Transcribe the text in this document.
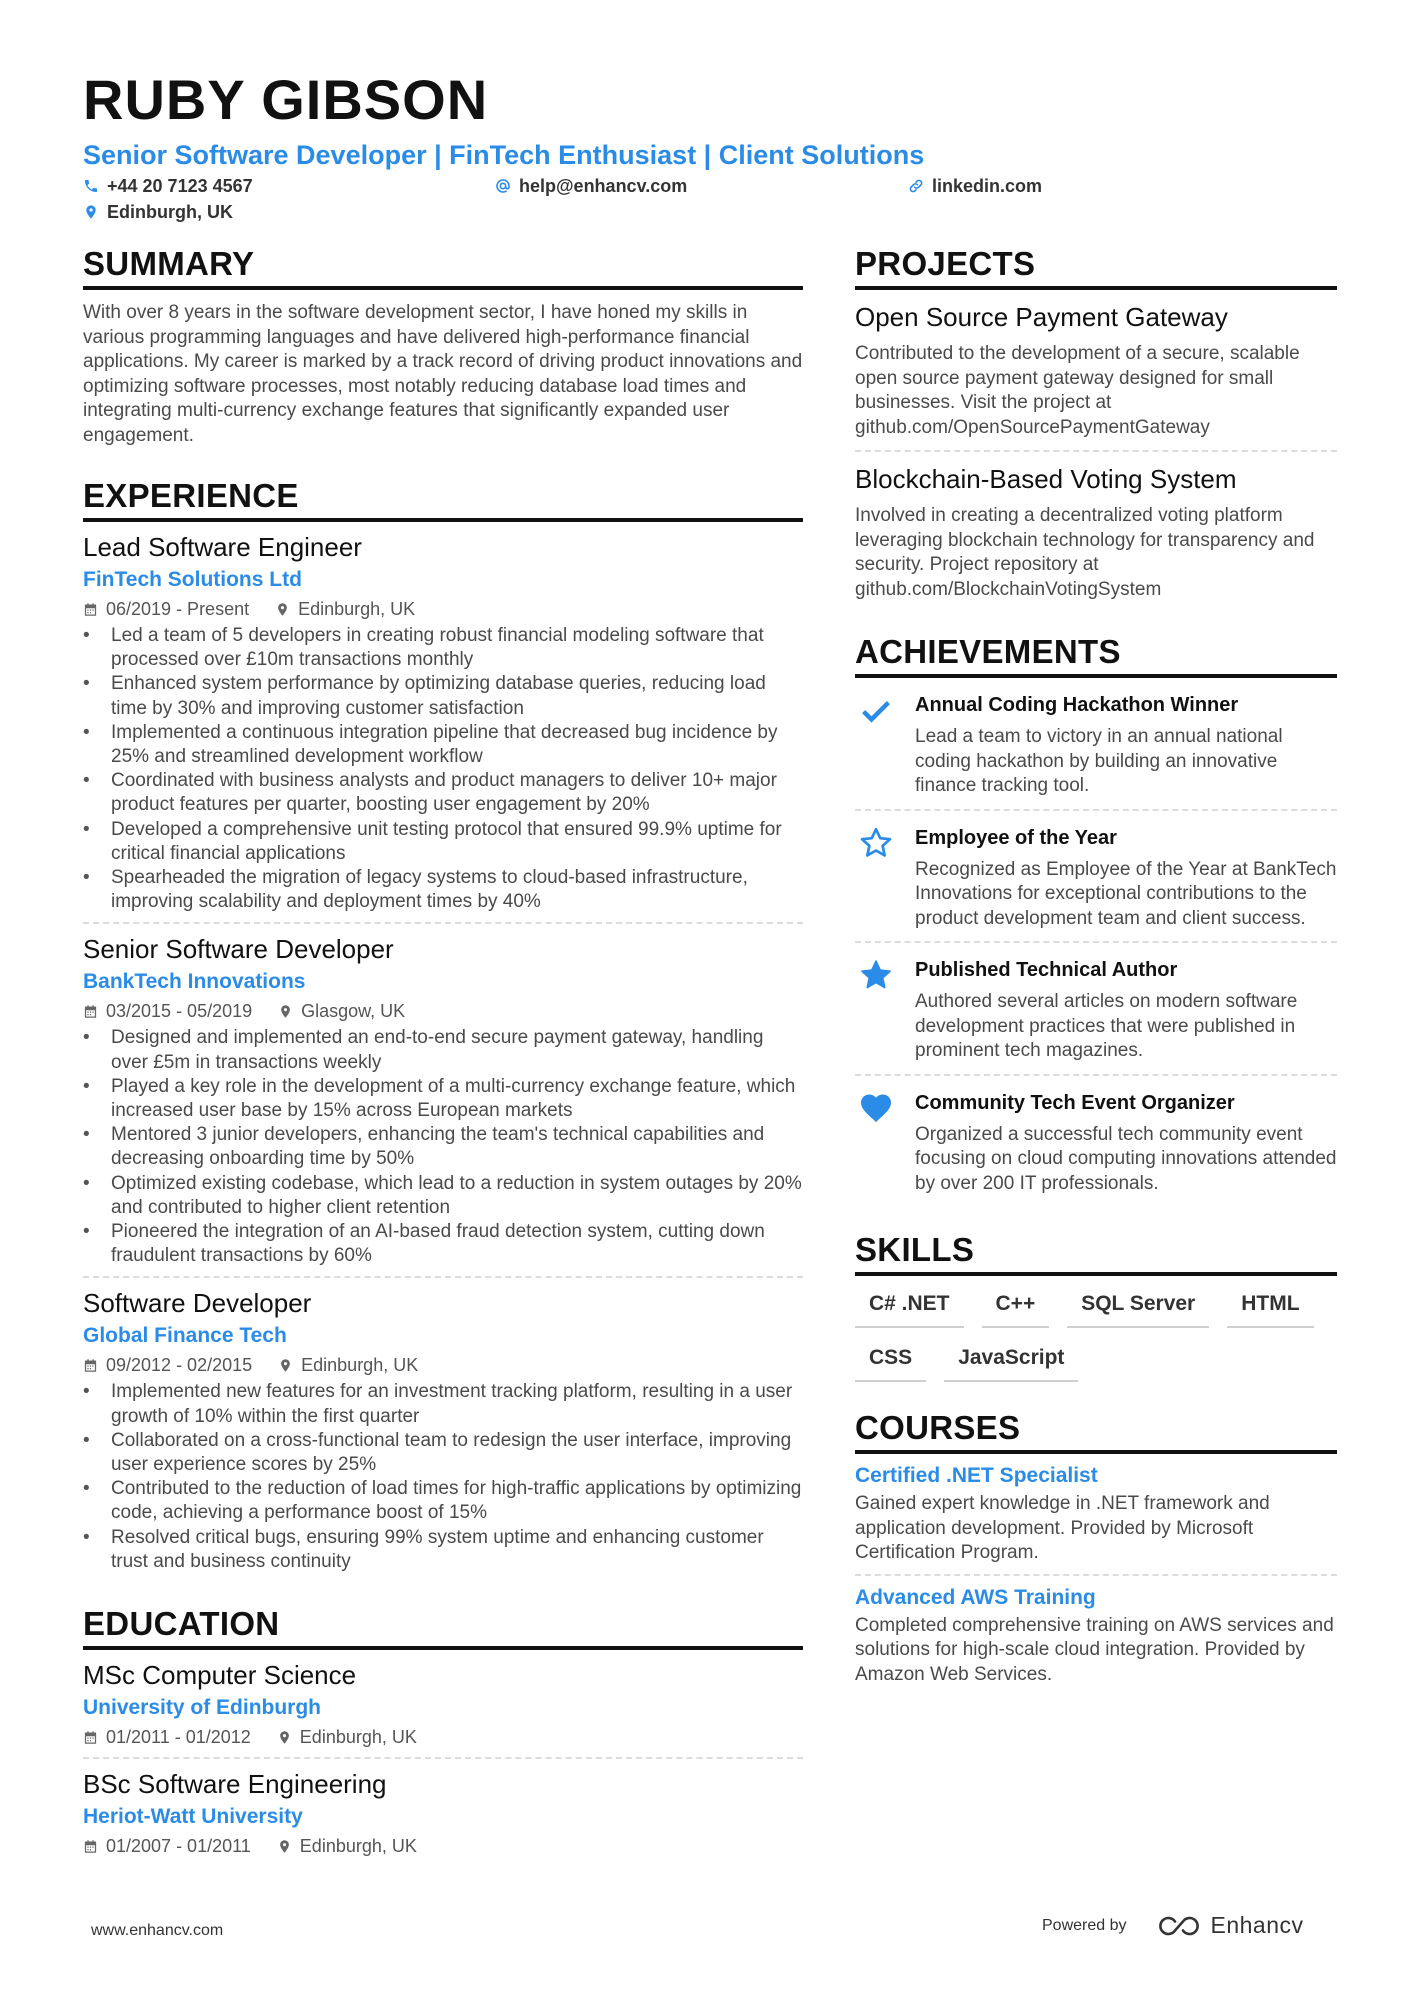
RUBY GIBSON
Senior Software Developer | FinTech Enthusiast | Client Solutions
+44 20 7123 4567	help@enhancv.com	linkedin.com
Edinburgh, UK
SUMMARY
With over 8 years in the software development sector, I have honed my skills in various programming languages and have delivered high-performance financial applications. My career is marked by a track record of driving product innovations and optimizing software processes, most notably reducing database load times and integrating multi-currency exchange features that significantly expanded user engagement.
EXPERIENCE
Lead Software Engineer
FinTech Solutions Ltd
06/2019 - Present	Edinburgh, UK
• Led a team of 5 developers in creating robust financial modeling software that processed over £10m transactions monthly
• Enhanced system performance by optimizing database queries, reducing load time by 30% and improving customer satisfaction
• Implemented a continuous integration pipeline that decreased bug incidence by 25% and streamlined development workflow
• Coordinated with business analysts and product managers to deliver 10+ major product features per quarter, boosting user engagement by 20%
• Developed a comprehensive unit testing protocol that ensured 99.9% uptime for critical financial applications
• Spearheaded the migration of legacy systems to cloud-based infrastructure, improving scalability and deployment times by 40%
Senior Software Developer
BankTech Innovations
03/2015 - 05/2019	Glasgow, UK
• Designed and implemented an end-to-end secure payment gateway, handling over £5m in transactions weekly
• Played a key role in the development of a multi-currency exchange feature, which increased user base by 15% across European markets
• Mentored 3 junior developers, enhancing the team's technical capabilities and decreasing onboarding time by 50%
• Optimized existing codebase, which lead to a reduction in system outages by 20% and contributed to higher client retention
• Pioneered the integration of an AI-based fraud detection system, cutting down fraudulent transactions by 60%
Software Developer
Global Finance Tech
09/2012 - 02/2015	Edinburgh, UK
• Implemented new features for an investment tracking platform, resulting in a user growth of 10% within the first quarter
• Collaborated on a cross-functional team to redesign the user interface, improving user experience scores by 25%
• Contributed to the reduction of load times for high-traffic applications by optimizing code, achieving a performance boost of 15%
• Resolved critical bugs, ensuring 99% system uptime and enhancing customer trust and business continuity
EDUCATION
MSc Computer Science
University of Edinburgh
01/2011 - 01/2012	Edinburgh, UK
BSc Software Engineering
Heriot-Watt University
01/2007 - 01/2011	Edinburgh, UK
PROJECTS
Open Source Payment Gateway
Contributed to the development of a secure, scalable open source payment gateway designed for small businesses. Visit the project at github.com/OpenSourcePaymentGateway
Blockchain-Based Voting System
Involved in creating a decentralized voting platform leveraging blockchain technology for transparency and security. Project repository at github.com/BlockchainVotingSystem
ACHIEVEMENTS
Annual Coding Hackathon Winner
Lead a team to victory in an annual national coding hackathon by building an innovative finance tracking tool.
Employee of the Year
Recognized as Employee of the Year at BankTech Innovations for exceptional contributions to the product development team and client success.
Published Technical Author
Authored several articles on modern software development practices that were published in prominent tech magazines.
Community Tech Event Organizer
Organized a successful tech community event focusing on cloud computing innovations attended by over 200 IT professionals.
SKILLS
C# .NET	C++	SQL Server	HTML
CSS	JavaScript
COURSES
Certified .NET Specialist
Gained expert knowledge in .NET framework and application development. Provided by Microsoft Certification Program.
Advanced AWS Training
Completed comprehensive training on AWS services and solutions for high-scale cloud integration. Provided by Amazon Web Services.
www.enhancv.com	Powered by	Enhancv
